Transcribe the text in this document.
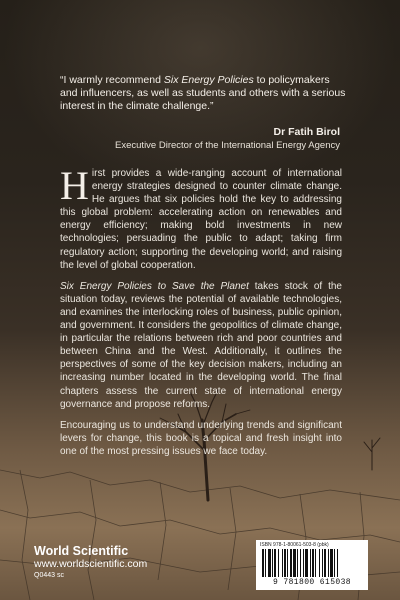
“I warmly recommend Six Energy Policies to policymakers and influencers, as well as students and others with a serious interest in the climate challenge.”
Dr Fatih Birol
Executive Director of the International Energy Agency

Hirst provides a wide-ranging account of international energy strategies designed to counter climate change. He argues that six policies hold the key to addressing this global problem: accelerating action on renewables and energy efficiency; making bold investments in new technologies; persuading the public to adapt; taking firm regulatory action; supporting the developing world; and raising the level of global cooperation.

Six Energy Policies to Save the Planet takes stock of the situation today, reviews the potential of available technologies, and examines the interlocking roles of business, public opinion, and government. It considers the geopolitics of climate change, in particular the relations between rich and poor countries and between China and the West. Additionally, it outlines the perspectives of some of the key decision makers, including an increasing number located in the developing world. The final chapters assess the current state of international energy governance and propose reforms.

Encouraging us to understand underlying trends and significant levers for change, this book is a topical and fresh insight into one of the most pressing issues we face today.

World Scientific
www.worldscientific.com
Q0443 sc
ISBN 978-1-80061-503-8 (pbk)
9 781800 615038
